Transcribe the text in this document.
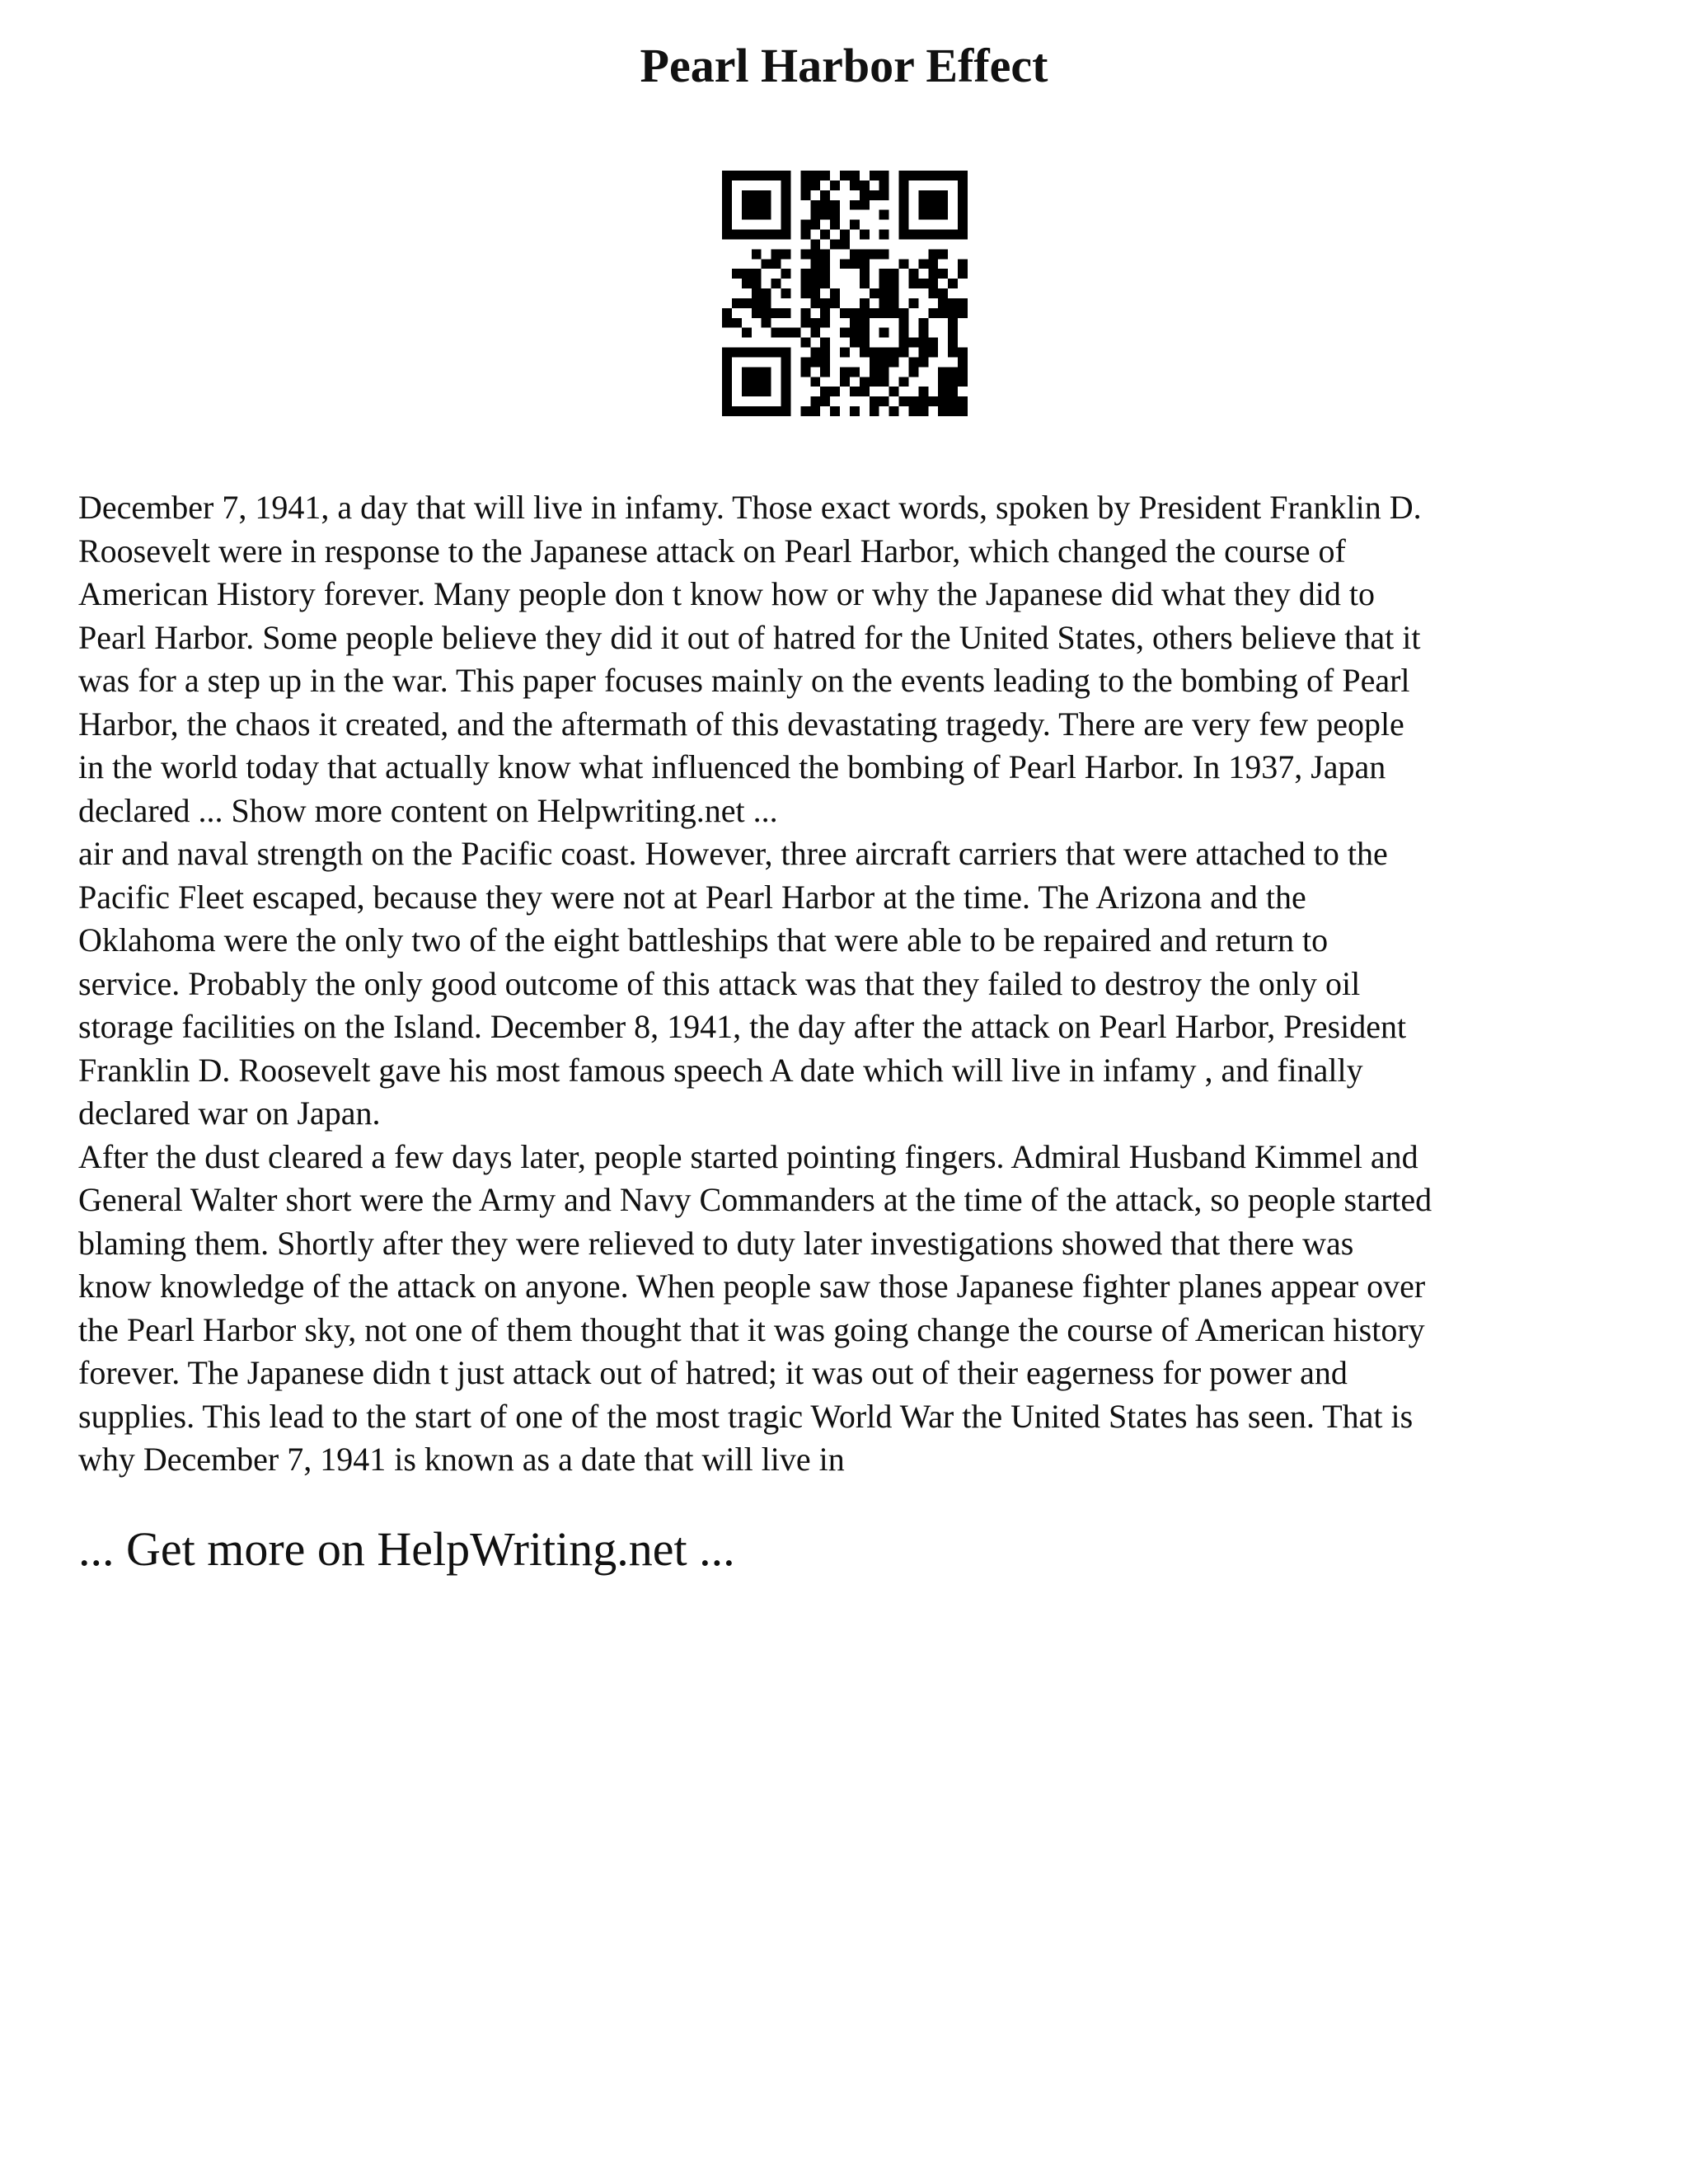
Pearl Harbor Effect

December 7, 1941, a day that will live in infamy. Those exact words, spoken by President Franklin D.

Roosevelt were in response to the Japanese attack on Pearl Harbor, which changed the course of

American History forever. Many people don t know how or why the Japanese did what they did to

Pearl Harbor. Some people believe they did it out of hatred for the United States, others believe that it

was for a step up in the war. This paper focuses mainly on the events leading to the bombing of Pearl

Harbor, the chaos it created, and the aftermath of this devastating tragedy. There are very few people

in the world today that actually know what influenced the bombing of Pearl Harbor. In 1937, Japan

declared ... Show more content on Helpwriting.net ...

air and naval strength on the Pacific coast. However, three aircraft carriers that were attached to the

Pacific Fleet escaped, because they were not at Pearl Harbor at the time. The Arizona and the

Oklahoma were the only two of the eight battleships that were able to be repaired and return to

service. Probably the only good outcome of this attack was that they failed to destroy the only oil

storage facilities on the Island. December 8, 1941, the day after the attack on Pearl Harbor, President

Franklin D. Roosevelt gave his most famous speech A date which will live in infamy , and finally

declared war on Japan.

After the dust cleared a few days later, people started pointing fingers. Admiral Husband Kimmel and

General Walter short were the Army and Navy Commanders at the time of the attack, so people started

blaming them. Shortly after they were relieved to duty later investigations showed that there was

know knowledge of the attack on anyone. When people saw those Japanese fighter planes appear over

the Pearl Harbor sky, not one of them thought that it was going change the course of American history

forever. The Japanese didn t just attack out of hatred; it was out of their eagerness for power and

supplies. This lead to the start of one of the most tragic World War the United States has seen. That is

why December 7, 1941 is known as a date that will live in

... Get more on HelpWriting.net ...
